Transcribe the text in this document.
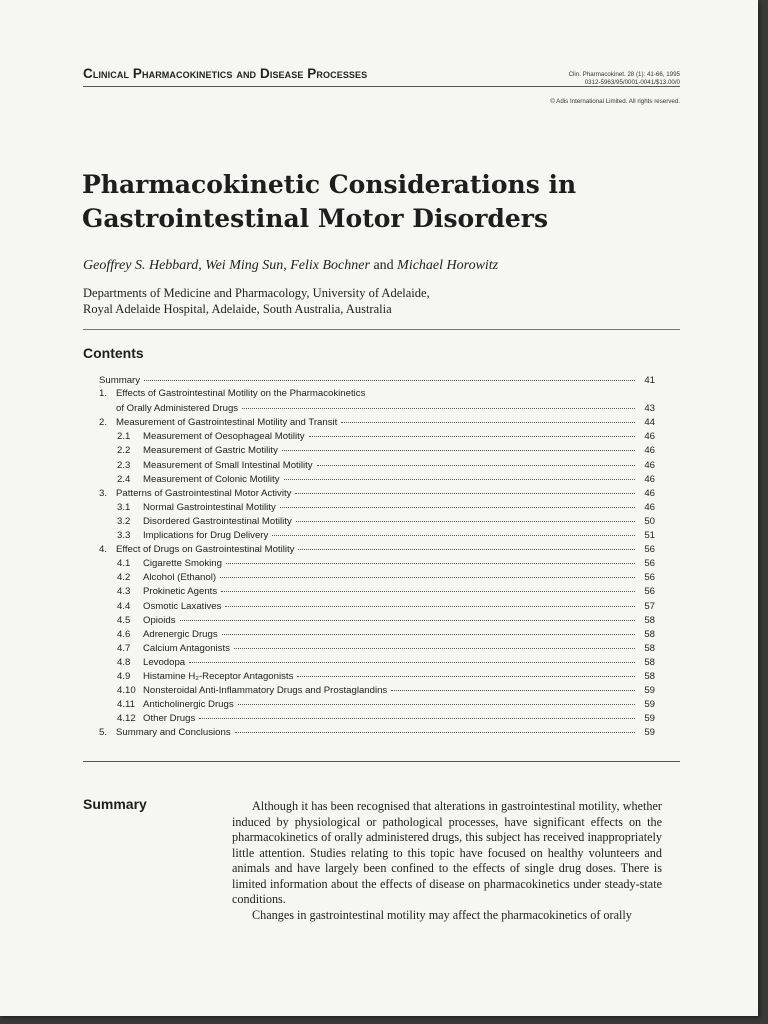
Clinical Pharmacokinetics and Disease Processes	Clin. Pharmacokinet. 28 (1): 41-66, 1995
0312-5963/95/0001-0041/$13.00/0
© Adis International Limited. All rights reserved.
Pharmacokinetic Considerations in
Gastrointestinal Motor Disorders
Geoffrey S. Hebbard, Wei Ming Sun, Felix Bochner and Michael Horowitz
Departments of Medicine and Pharmacology, University of Adelaide,
Royal Adelaide Hospital, Adelaide, South Australia, Australia
Contents
Summary	41
1. Effects of Gastrointestinal Motility on the Pharmacokinetics
of Orally Administered Drugs	43
2. Measurement of Gastrointestinal Motility and Transit	44
2.1	Measurement of Oesophageal Motility	46
2.2	Measurement of Gastric Motility	46
2.3	Measurement of Small Intestinal Motility	46
2.4	Measurement of Colonic Motility	46
3. Patterns of Gastrointestinal Motor Activity	46
3.1	Normal Gastrointestinal Motility	46
3.2	Disordered Gastrointestinal Motility	50
3.3	Implications for Drug Delivery	51
4. Effect of Drugs on Gastrointestinal Motility	56
4.1	Cigarette Smoking	56
4.2	Alcohol (Ethanol)	56
4.3	Prokinetic Agents	56
4.4	Osmotic Laxatives	57
4.5	Opioids	58
4.6	Adrenergic Drugs	58
4.7	Calcium Antagonists	58
4.8	Levodopa	58
4.9	Histamine H₂-Receptor Antagonists	58
4.10 Nonsteroidal Anti-Inflammatory Drugs and Prostaglandins	59
4.11 Anticholinergic Drugs	59
4.12 Other Drugs	59
5. Summary and Conclusions	59
Summary	Although it has been recognised that alterations in gastrointestinal motility, whether induced by physiological or pathological processes, have significant effects on the pharmacokinetics of orally administered drugs, this subject has received inappropriately little attention. Studies relating to this topic have focused on healthy volunteers and animals and have largely been confined to the effects of single drug doses. There is limited information about the effects of disease on pharmacokinetics under steady-state conditions.

Changes in gastrointestinal motility may affect the pharmacokinetics of orally
